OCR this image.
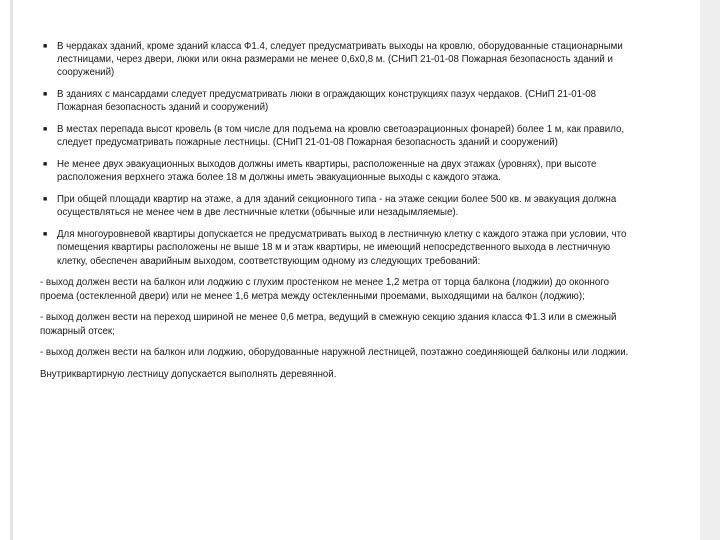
■	В чердаках зданий, кроме зданий класса Ф1.4, следует предусматривать выходы на кровлю, оборудованные стационарными лестницами, через двери, люки или окна размерами не менее 0,6х0,8 м. (СНиП 21-01-08 Пожарная безопасность зданий и сооружений)
■	В зданиях с мансардами следует предусматривать люки в ограждающих конструкциях пазух чердаков. (СНиП 21-01-08 Пожарная безопасность зданий и сооружений)
■	В местах перепада высот кровель (в том числе для подъема на кровлю светоаэрационных фонарей) более 1 м, как правило, следует предусматривать пожарные лестницы. (СНиП 21-01-08 Пожарная безопасность зданий и сооружений)
■	Не менее двух эвакуационных выходов должны иметь квартиры, расположенные на двух этажах (уровнях), при высоте расположения верхнего этажа более 18 м должны иметь эвакуационные выходы с каждого этажа.
■	При общей площади квартир на этаже, а для зданий секционного типа - на этаже секции более 500 кв. м эвакуация должна осуществляться не менее чем в две лестничные клетки (обычные или незадымляемые).
■	Для многоуровневой квартиры допускается не предусматривать выход в лестничную клетку с каждого этажа при условии, что помещения квартиры расположены не выше 18 м и этаж квартиры, не имеющий непосредственного выхода в лестничную клетку, обеспечен аварийным выходом, соответствующим одному из следующих требований:
- выход должен вести на балкон или лоджию с глухим простенком не менее 1,2 метра от торца балкона (лоджии) до оконного проема (остекленной двери) или не менее 1,6 метра между остекленными проемами, выходящими на балкон (лоджию);
- выход должен вести на переход шириной не менее 0,6 метра, ведущий в смежную секцию здания класса Ф1.3 или в смежный пожарный отсек;
- выход должен вести на балкон или лоджию, оборудованные наружной лестницей, поэтажно соединяющей балконы или лоджии.
Внутриквартирную лестницу допускается выполнять деревянной.
